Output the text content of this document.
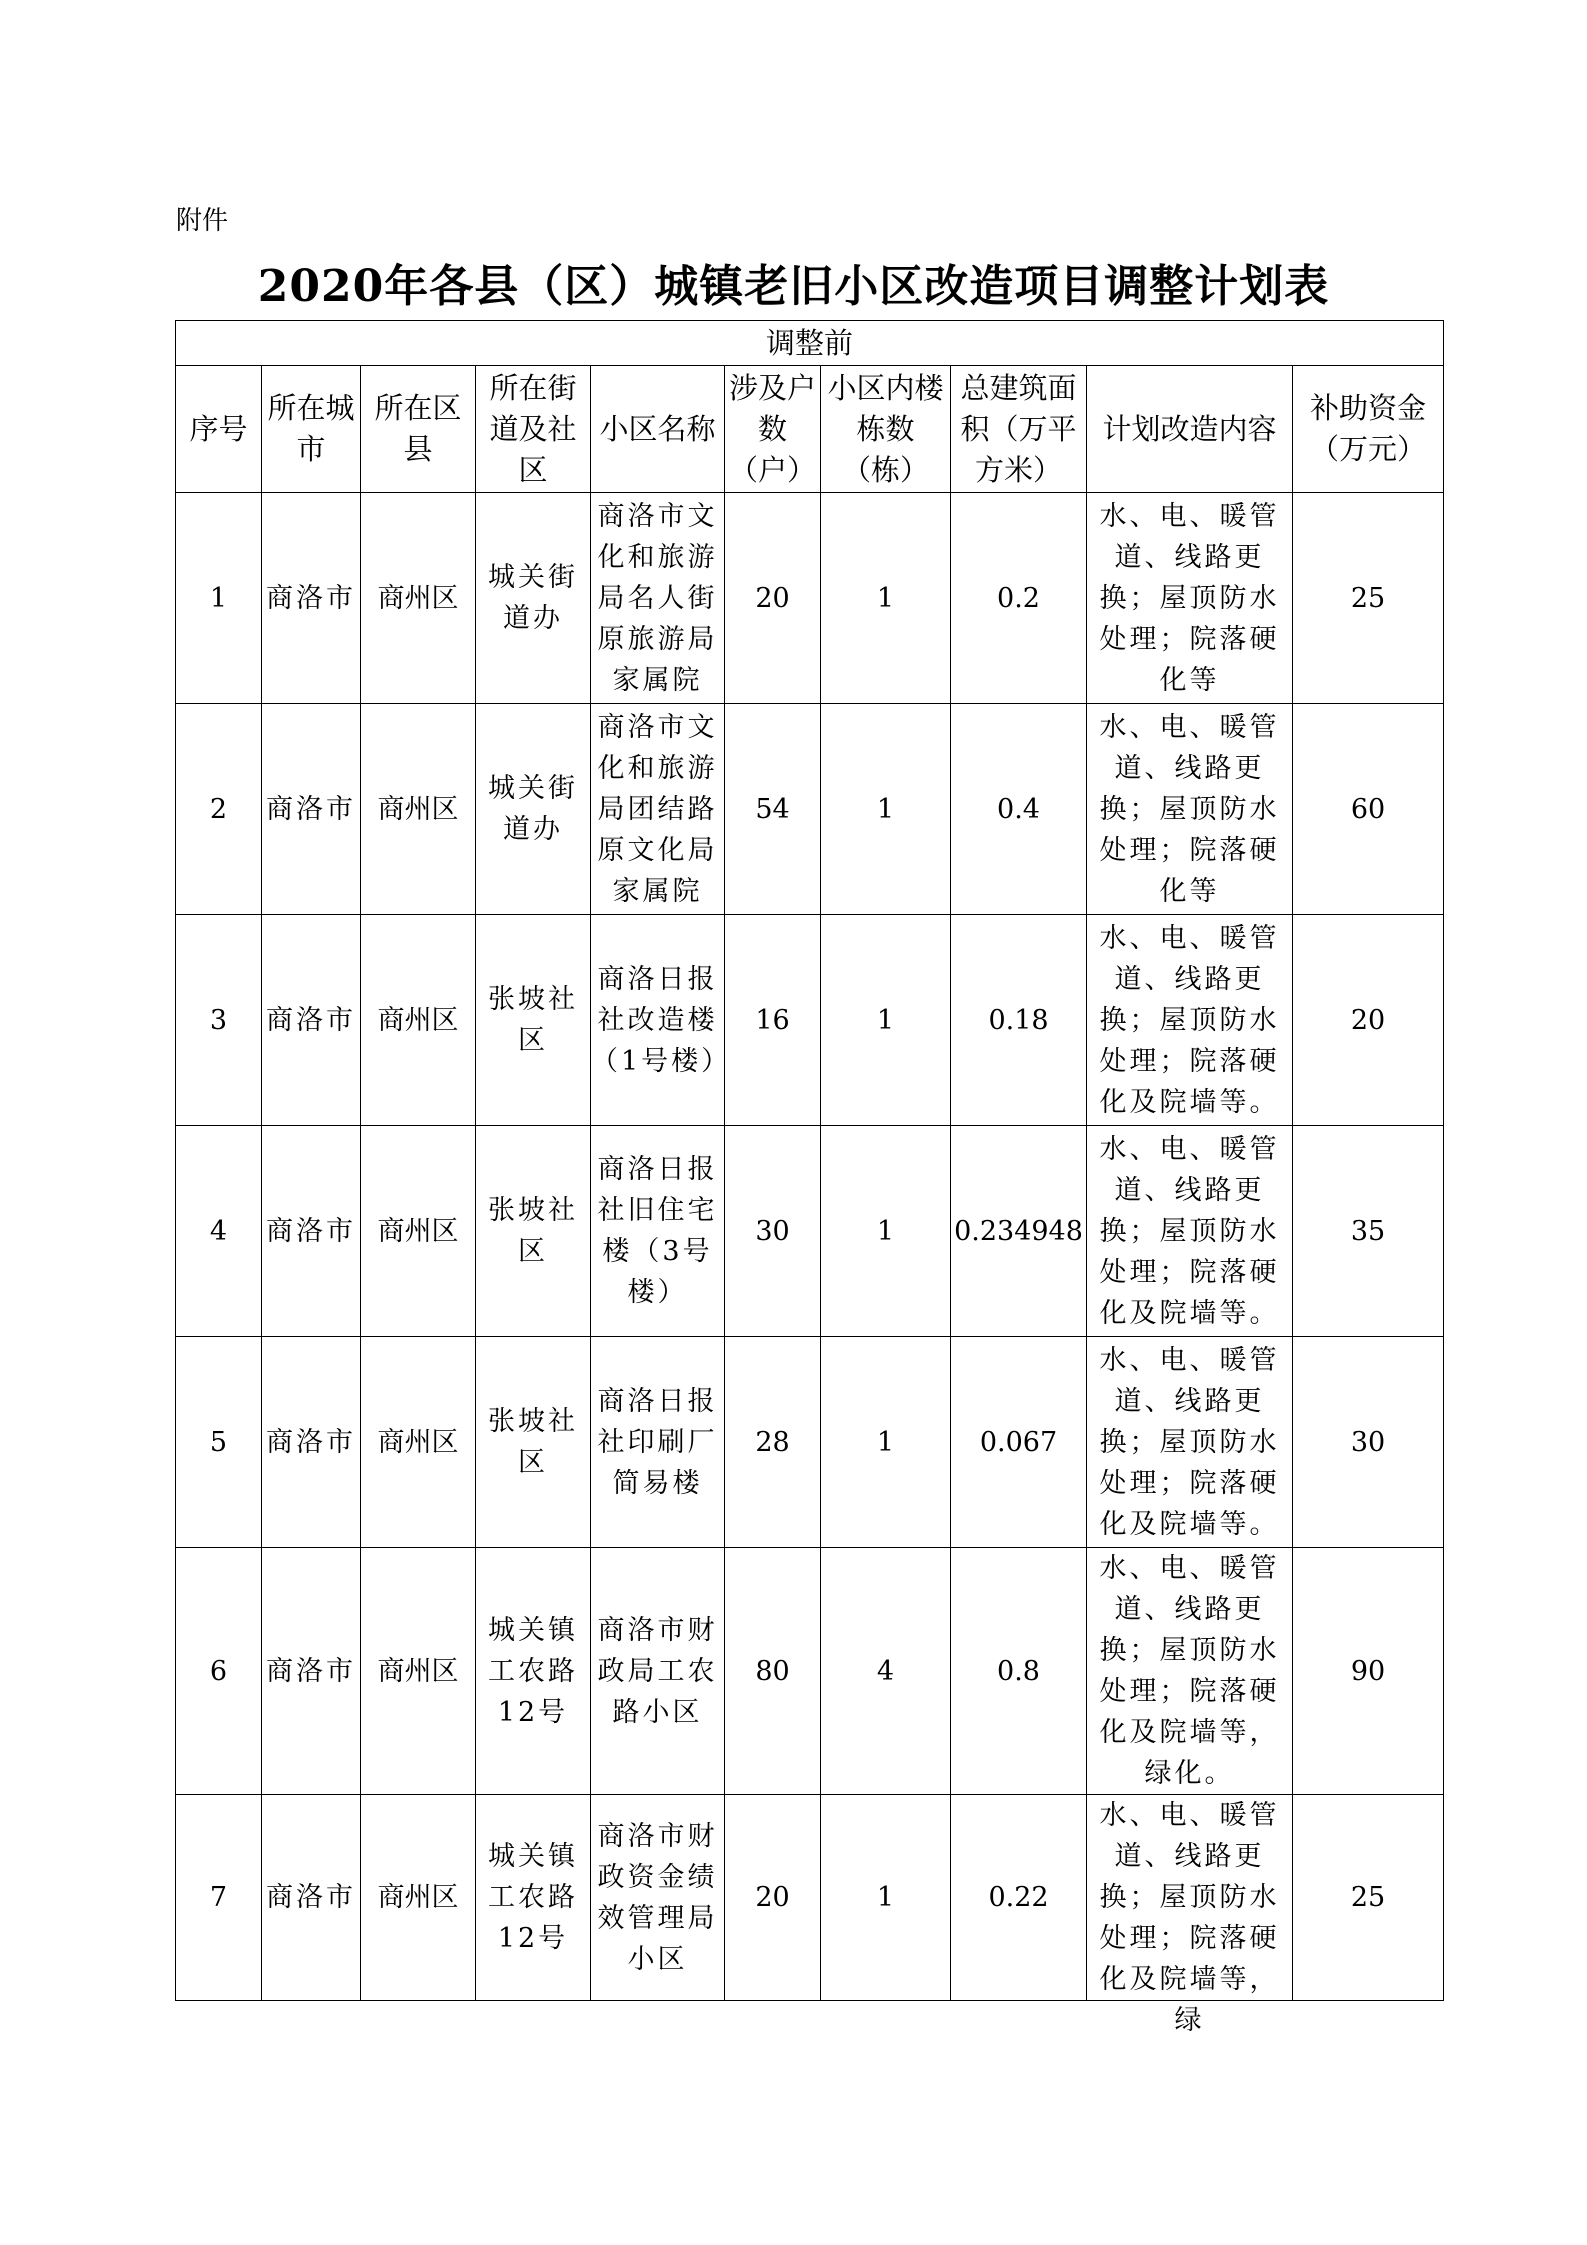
附件
2020年各县（区）城镇老旧小区改造项目调整计划表
调整前									
序号	所在城市	所在区县	所在街道及社区	小区名称	涉及户数（户）	小区内楼栋数（栋）	总建筑面积（万平方米）	计划改造内容	补助资金（万元）
1	商洛市	商州区	城关街道办	商洛市文化和旅游局名人街原旅游局家属院	20	1	0.2	水、电、暖管道、线路更换；屋顶防水处理；院落硬化等	25
2	商洛市	商州区	城关街道办	商洛市文化和旅游局团结路原文化局家属院	54	1	0.4	水、电、暖管道、线路更换；屋顶防水处理；院落硬化等	60
3	商洛市	商州区	张坡社区	商洛日报社改造楼（1号楼）	16	1	0.18	水、电、暖管道、线路更换；屋顶防水处理；院落硬化及院墙等。	20
4	商洛市	商州区	张坡社区	商洛日报社旧住宅楼（3号楼）	30	1	0.234948	水、电、暖管道、线路更换；屋顶防水处理；院落硬化及院墙等。	35
5	商洛市	商州区	张坡社区	商洛日报社印刷厂简易楼	28	1	0.067	水、电、暖管道、线路更换；屋顶防水处理；院落硬化及院墙等。	30
6	商洛市	商州区	城关镇工农路12号	商洛市财政局工农路小区	80	4	0.8	水、电、暖管道、线路更换；屋顶防水处理；院落硬化及院墙等，绿化。	90
7	商洛市	商州区	城关镇工农路12号	商洛市财政资金绩效管理局小区	20	1	0.22	水、电、暖管道、线路更换；屋顶防水处理；院落硬化及院墙等，绿	25
